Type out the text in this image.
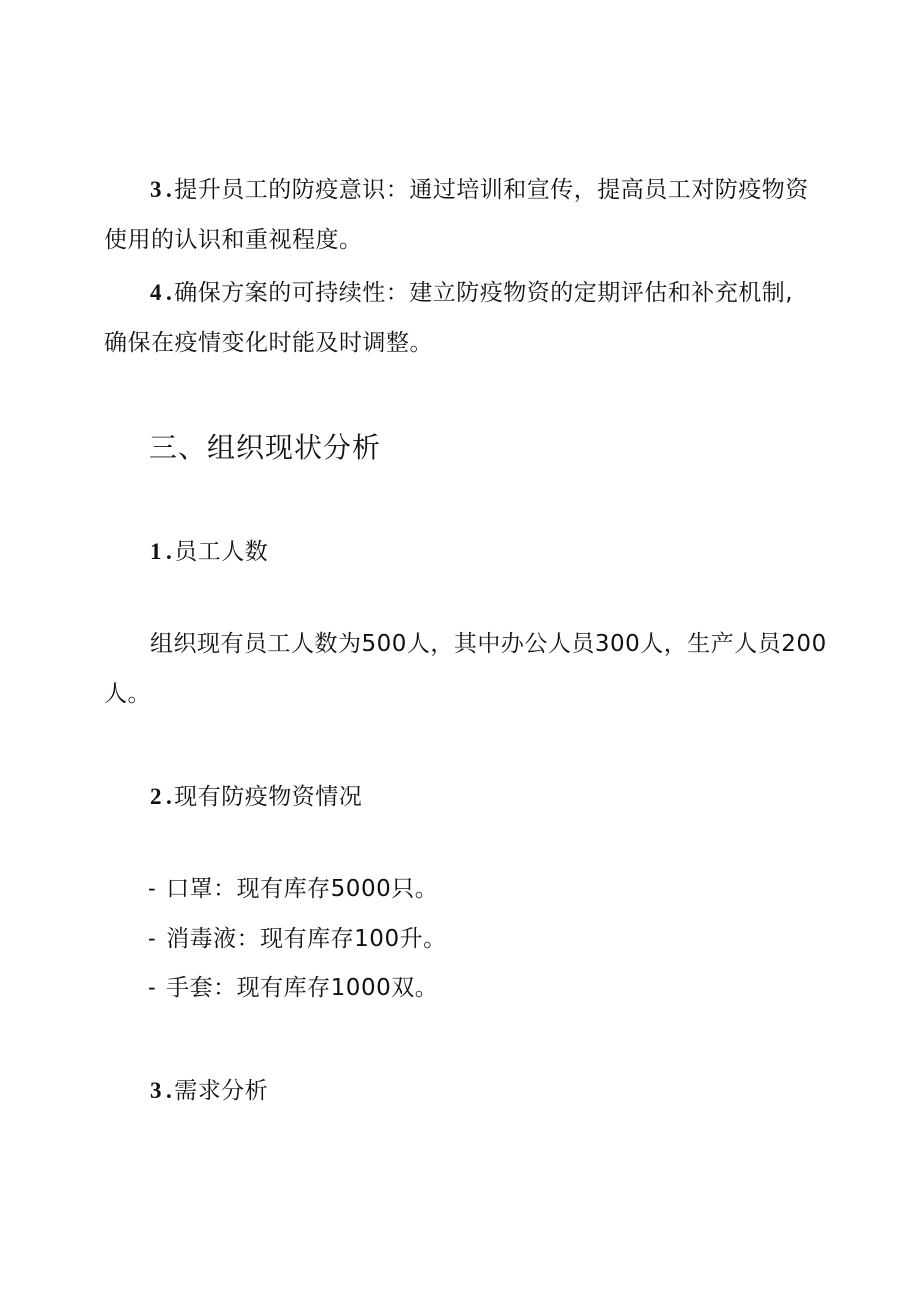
3 .提升员工的防疫意识：通过培训和宣传，提高员工对防疫物资
使用的认识和重视程度。
4 .确保方案的可持续性：建立防疫物资的定期评估和补充机制,
确保在疫情变化时能及时调整。
三、组织现状分析
1 .员工人数
组织现有员工人数为500人，其中办公人员300人，生产人员200
人。
2 .现有防疫物资情况
- 口罩：现有库存5000只。
- 消毒液：现有库存100升。
- 手套：现有库存1000双。
3 .需求分析
